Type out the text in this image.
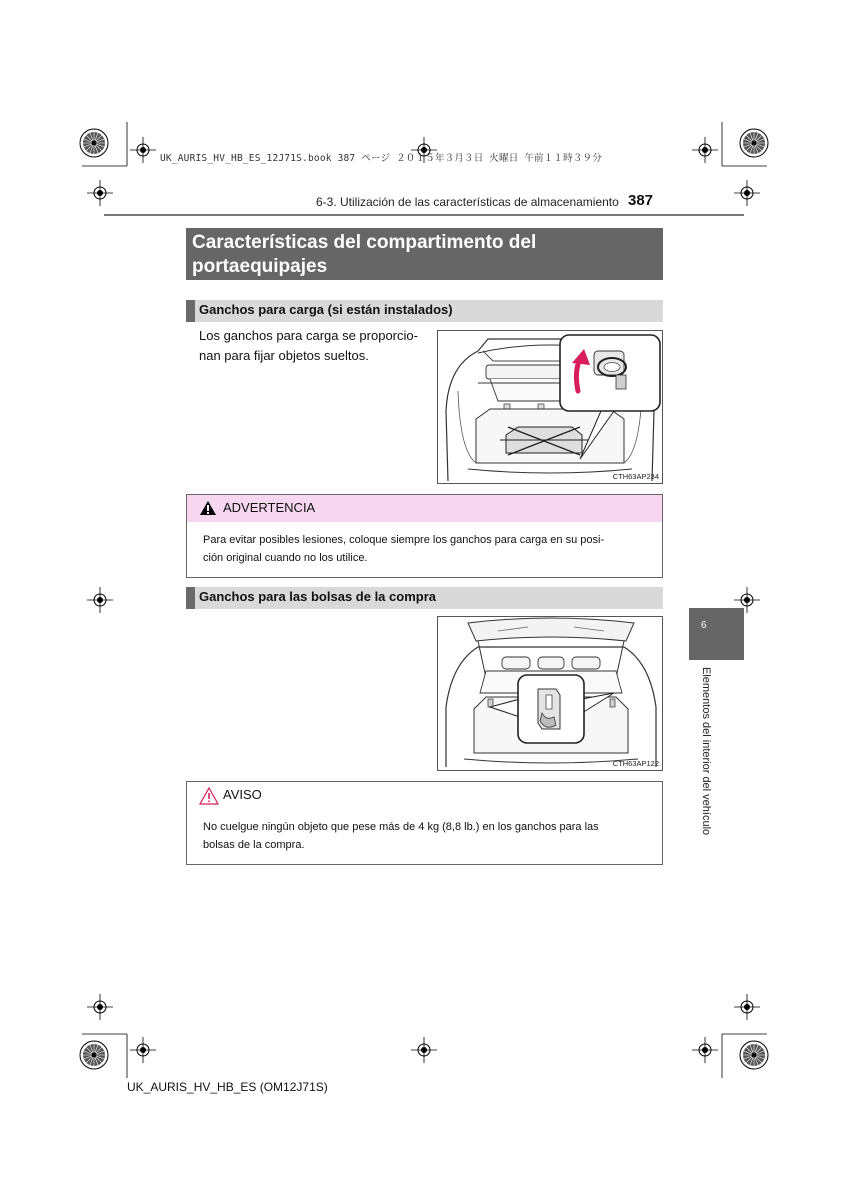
UK_AURIS_HV_HB_ES_12J71S.book 387 ページ ２０１５年３月３日 火曜日 午前１１時３９分
6-3. Utilización de las características de almacenamiento 387
Características del compartimento del portaequipajes
Ganchos para carga (si están instalados)
Los ganchos para carga se proporcio-
nan para fijar objetos sueltos.
CTH63AP234
ADVERTENCIA
Para evitar posibles lesiones, coloque siempre los ganchos para carga en su posi-
ción original cuando no los utilice.
Ganchos para las bolsas de la compra
CTH63AP122
AVISO
No cuelgue ningún objeto que pese más de 4 kg (8,8 lb.) en los ganchos para las
bolsas de la compra.
6
Elementos del interior del vehículo
UK_AURIS_HV_HB_ES (OM12J71S)
